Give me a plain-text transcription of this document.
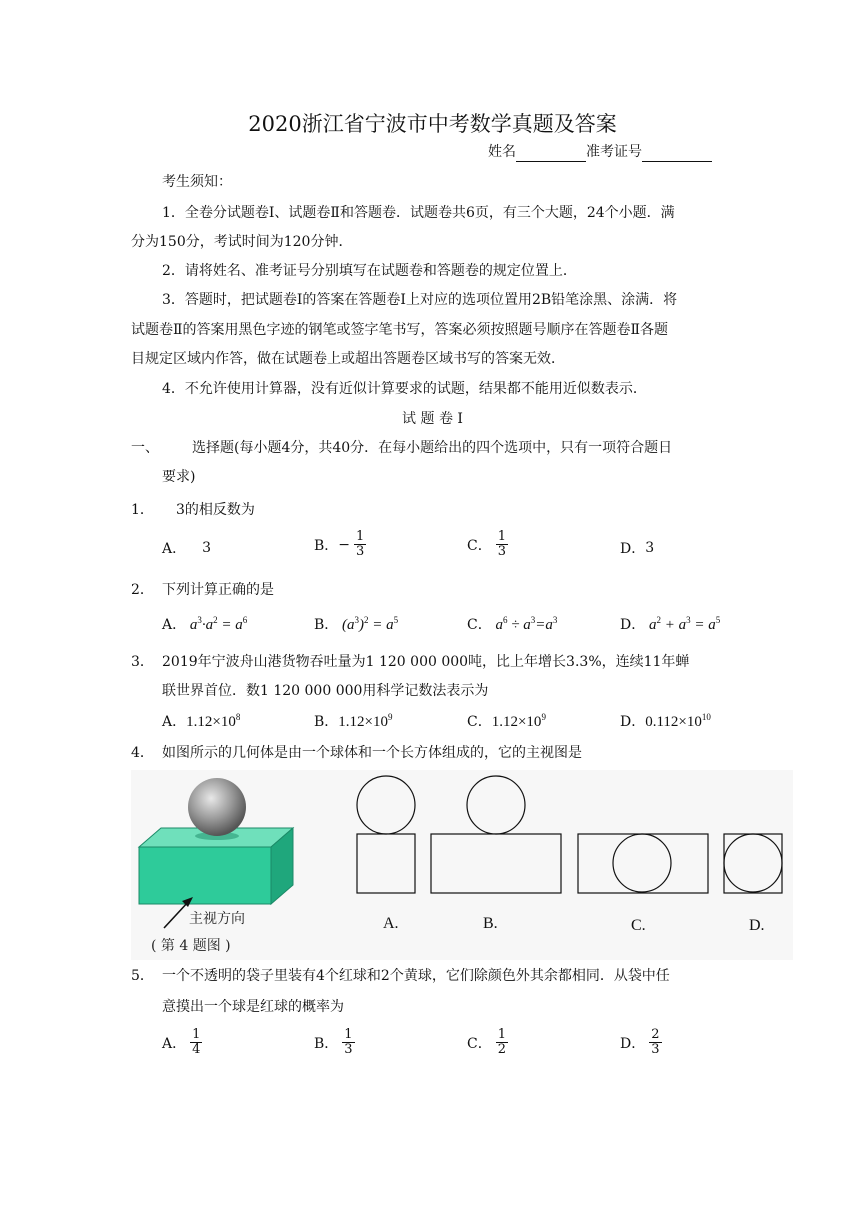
2020浙江省宁波市中考数学真题及答案
姓名	准考证号
考生须知：
1．全卷分试题卷Ⅰ、试题卷Ⅱ和答题卷．试题卷共6页，有三个大题，24个小题．满
分为150分，考试时间为120分钟．
2．请将姓名、准考证号分别填写在试题卷和答题卷的规定位置上．
3．答题时，把试题卷Ⅰ的答案在答题卷Ⅰ上对应的选项位置用2B铅笔涂黑、涂满．将
试题卷Ⅱ的答案用黑色字迹的钢笔或签字笔书写，答案必须按照题号顺序在答题卷Ⅱ各题
目规定区域内作答，做在试题卷上或超出答题卷区域书写的答案无效．
4．不允许使用计算器，没有近似计算要求的试题，结果都不能用近似数表示．
试 题 卷 Ⅰ
一、 选择题(每小题4分，共40分．在每小题给出的四个选项中，只有一项符合题日
要求)
1． 3的相反数为
A． 3	B． − $\frac{1}{3}$	C． $\frac{1}{3}$	D． 3
2． 下列计算正确的是
A． $a^3\cdot a^2 = a^6$	B． $(a^3)^2 = a^5$	C． $a^6 \div a^3=a^3$	D． $a^2 + a^3 = a^5$
3． 2019年宁波舟山港货物吞吐量为1 120 000 000吨，比上年增长3.3%，连续11年蝉
联世界首位．数1 120 000 000用科学记数法表示为
A． $1.12\times 10^8$	B． $1.12\times 10^9$	C． $1.12\times 10^9$	D． $0.112\times 10^{10}$
4． 如图所示的几何体是由一个球体和一个长方体组成的，它的主视图是
主视方向
( 第 4 题图 )
A.	B.	C.	D.
5． 一个不透明的袋子里装有4个红球和2个黄球，它们除颜色外其余都相同．从袋中任
意摸出一个球是红球的概率为
A． $\frac{1}{4}$	B． $\frac{1}{3}$	C． $\frac{1}{2}$	D． $\frac{2}{3}$
